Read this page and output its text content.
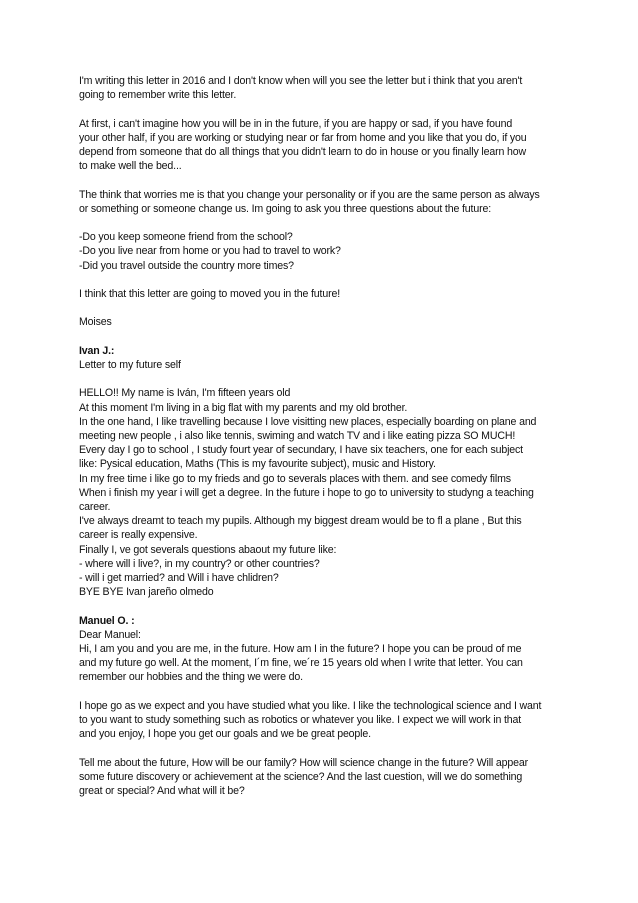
I'm writing this letter in 2016 and I don't know when will you see the letter but i think that you aren't
going to remember write this letter.
At first, i can't imagine how you will be in in the future, if you are happy or sad, if you have found
your other half, if you are working or studying near or far from home and you like that you do, if you
depend from someone that do all things that you didn't learn to do in house or you finally learn how
to make well the bed...
The think that worries me is that you change your personality or if you are the same person as always
or something or someone change us. Im going to ask you three questions about the future:
-Do you keep someone friend from the school?
-Do you live near from home or you had to travel to work?
-Did you travel outside the country more times?
I think that this letter are going to moved you in the future!
Moises
Ivan J.:
Letter to my future self
HELLO!! My name is Iván, I'm fifteen years old
At this moment I'm living in a big flat with my parents and my old brother.
In the one hand, I like travelling because I love visitting new places, especially boarding on plane and
meeting new people , i also like tennis, swiming and watch TV and i like eating pizza SO MUCH!
Every day I go to school , I study fourt year of secundary, I have six teachers, one for each subject
like: Pysical education, Maths (This is my favourite subject), music and History.
In my free time i like go to my frieds and go to severals places with them. and see comedy films
When i finish my year i will get a degree. In the future i hope to go to university to studyng a teaching
career.
I've always dreamt to teach my pupils. Although my biggest dream would be to fl a plane , But this
career is really expensive.
Finally I, ve got severals questions abaout my future like:
- where will i live?, in my country? or other countries?
- will i get married? and Will i have chlidren?
BYE BYE Ivan jareño olmedo
Manuel O. :
Dear Manuel:
Hi, I am you and you are me, in the future. How am I in the future? I hope you can be proud of me
and my future go well. At the moment, I´m fine, we´re 15 years old when I write that letter. You can
remember our hobbies and the thing we were do.
I hope go as we expect and you have studied what you like. I like the technological science and I want
to you want to study something such as robotics or whatever you like. I expect we will work in that
and you enjoy, I hope you get our goals and we be great people.
Tell me about the future, How will be our family? How will science change in the future? Will appear
some future discovery or achievement at the science? And the last cuestion, will we do something
great or special? And what will it be?
